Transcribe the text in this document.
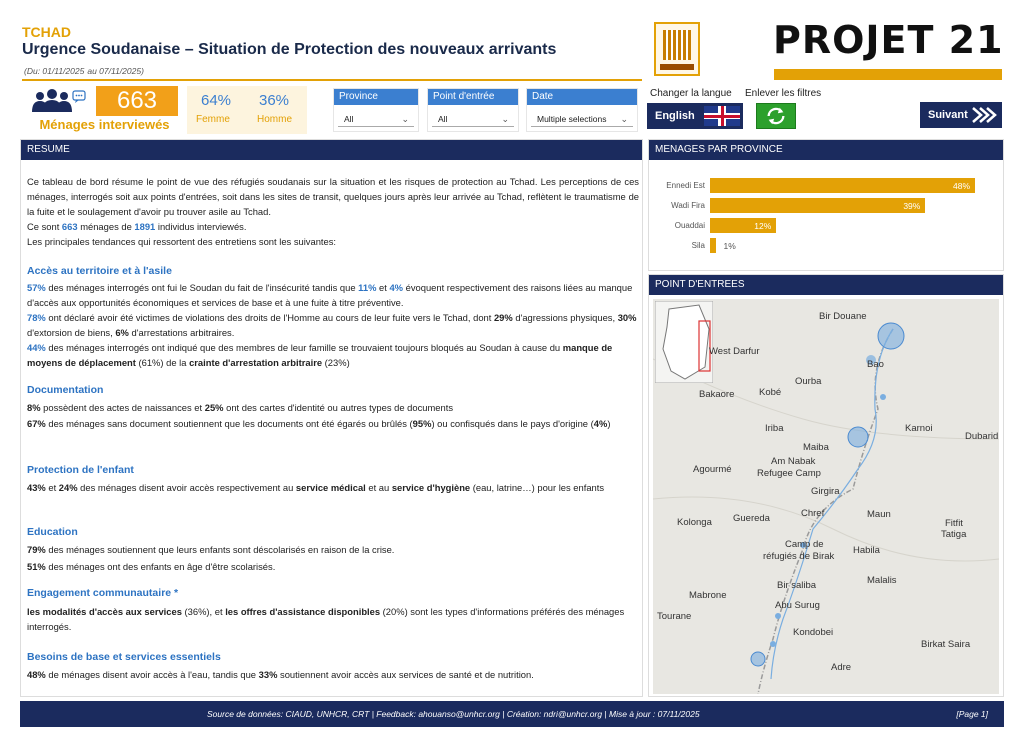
TCHAD
Urgence Soudanaise – Situation de Protection des nouveaux arrivants
(Du: 01/11/2025 au 07/11/2025)
PROJET 21
663
Ménages interviewés
64%
Femme
36%
Homme
Province
All	⌄
Point d'entrée
All	⌄
Date
Multiple selections ⌄
Changer la langue Enlever les filtres
English	Suivant
RESUME
Ce tableau de bord résume le point de vue des réfugiés soudanais sur la situation et les risques de protection au Tchad. Les perceptions de ces ménages, interrogés soit aux points d'entrées, soit dans les sites de transit, quelques jours après leur arrivée au Tchad, reflètent le traumatisme de la fuite et le soulagement d'avoir pu trouver asile au Tchad.
Ce sont 663 ménages de 1891 individus interviewés.
Les principales tendances qui ressortent des entretiens sont les suivantes:
Accès au territoire et à l'asile
57% des ménages interrogés ont fui le Soudan du fait de l'insécurité tandis que 11% et 4% évoquent respectivement des raisons liées au manque d'accès aux opportunités économiques et services de base et à une fuite à titre préventive.
78% ont déclaré avoir été victimes de violations des droits de l'Homme au cours de leur fuite vers le Tchad, dont 29% d'agressions physiques, 30% d'extorsion de biens, 6% d'arrestations arbitraires.
44% des ménages interrogés ont indiqué que des membres de leur famille se trouvaient toujours bloqués au Soudan à cause du manque de moyens de déplacement (61%) de la crainte d'arrestation arbitraire (23%)
Documentation
8% possèdent des actes de naissances et 25% ont des cartes d'identité ou autres types de documents
67% des ménages sans document soutiennent que les documents ont été égarés ou brûlés (95%) ou confisqués dans le pays d'origine (4%)
Protection de l'enfant
43% et 24% des ménages disent avoir accès respectivement au service médical et au service d'hygiène (eau, latrine…) pour les enfants
Education
79% des ménages soutiennent que leurs enfants sont déscolarisés en raison de la crise.
51% des ménages ont des enfants en âge d'être scolarisés.
Engagement communautaire *
les modalités d'accès aux services (36%), et les offres d'assistance disponibles (20%) sont les types d'informations préférés des ménages interrogés.
Besoins de base et services essentiels
48% de ménages disent avoir accès à l'eau, tandis que 33% soutiennent avoir accès aux services de santé et de nutrition.
MENAGES PAR PROVINCE
Ennedi Est	48%
Wadi Fira	39%
Ouaddai	12%
Sila 1%
POINT D'ENTREES
Bir Douane
Bao
Bakaore	Kobé
Ourba
Iriba
Maiba
Karnoi
Dubarid
Am Nabak
Refugee Camp
Agourmé
Girgira
Kolonga Guereda	Chref	Maun
Fitfit
Tatiga
Camp de
réfugiés de Birak
Habila
Malalis
Mabrone
Bir saliba
Abu Surug
Tourane
Kondobei
Birkat Saira
Adre
West Darfur
Source de données: CIAUD, UNHCR, CRT | Feedback: ahouanso@unhcr.org | Création: ndri@unhcr.org | Mise à jour : 07/11/2025	[Page 1]
